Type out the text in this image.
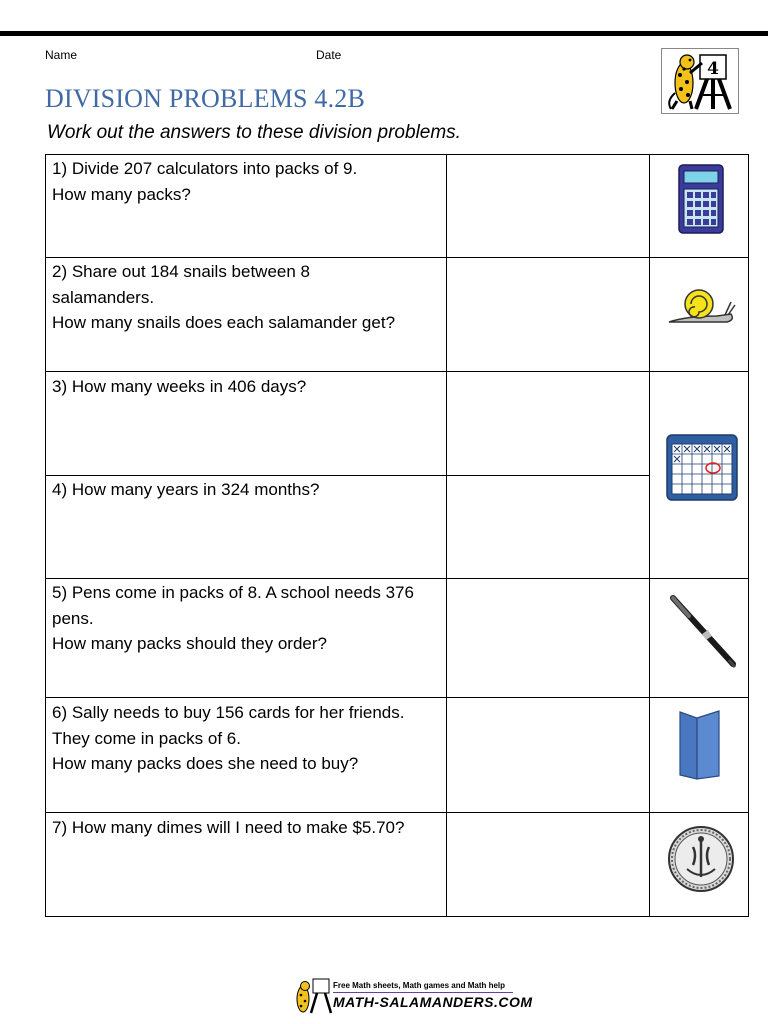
Name	Date
4
DIVISION PROBLEMS 4.2B
Work out the answers to these division problems.
1) Divide 207 calculators into packs of 9.
How many packs?
2) Share out 184 snails between 8
salamanders.
How many snails does each salamander get?
3) How many weeks in 406 days?
4) How many years in 324 months?
5) Pens come in packs of 8. A school needs 376
pens.
How many packs should they order?
6) Sally needs to buy 156 cards for her friends.
They come in packs of 6.
How many packs does she need to buy?
7) How many dimes will I need to make $5.70?
Free Math sheets, Math games and Math help
MATH-SALAMANDERS.COM
